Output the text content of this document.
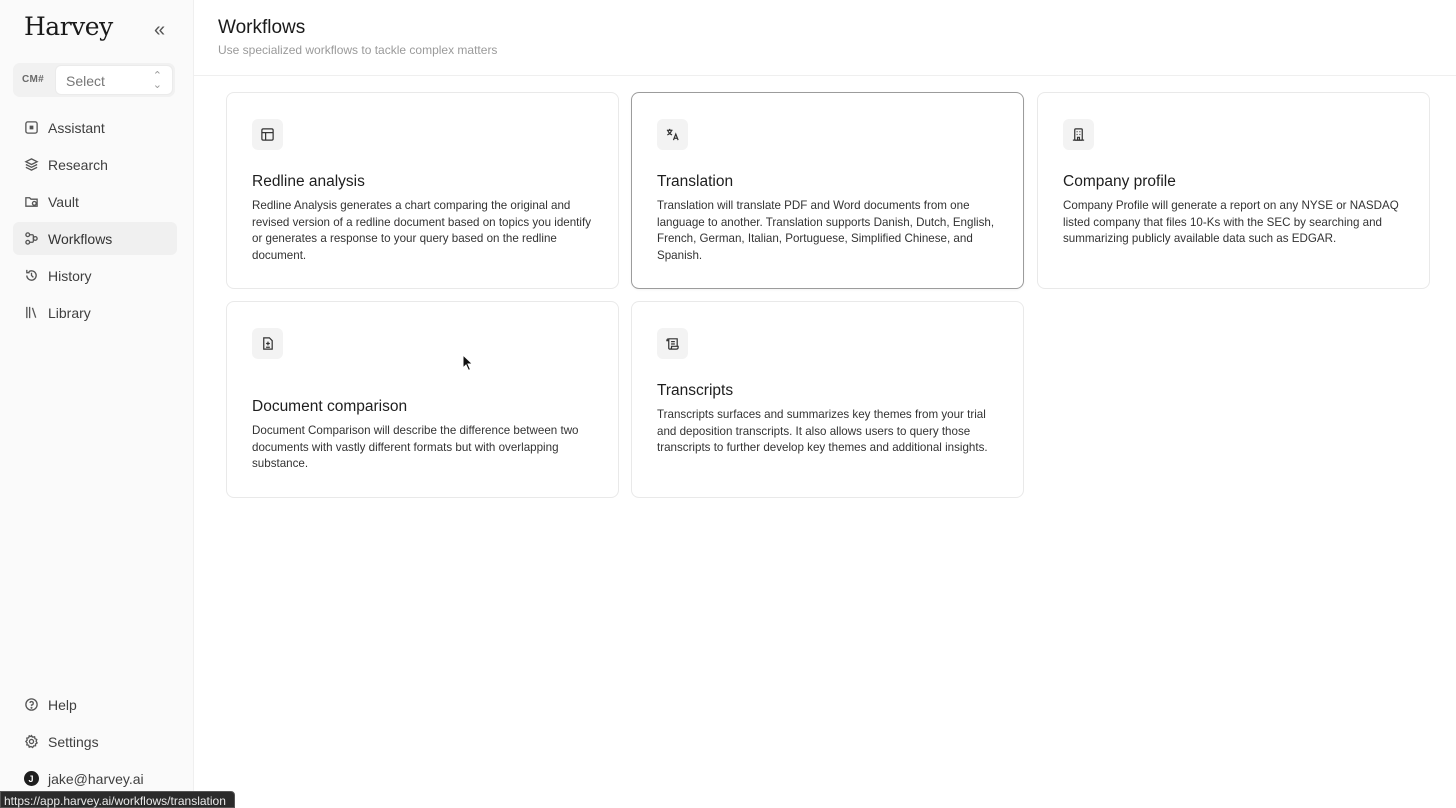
Harvey «
CM# Select	⌃
⌄
Assistant
Research
Vault
Workflows
History
Library
Help
Settings
J	jake@harvey.ai
Workflows
Use specialized workflows to tackle complex matters
Redline analysis
Redline Analysis generates a chart comparing the original and revised version of a redline document based on topics you identify or generates a response to your query based on the redline document.
Translation
Translation will translate PDF and Word documents from one language to another. Translation supports Danish, Dutch, English, French, German, Italian, Portuguese, Simplified Chinese, and Spanish.
Company profile
Company Profile will generate a report on any NYSE or NASDAQ listed company that files 10-Ks with the SEC by searching and summarizing publicly available data such as EDGAR.
Document comparison
Document Comparison will describe the difference between two documents with vastly different formats but with overlapping substance.
Transcripts
Transcripts surfaces and summarizes key themes from your trial and deposition transcripts. It also allows users to query those transcripts to further develop key themes and additional insights.
https://app.harvey.ai/workflows/translation
